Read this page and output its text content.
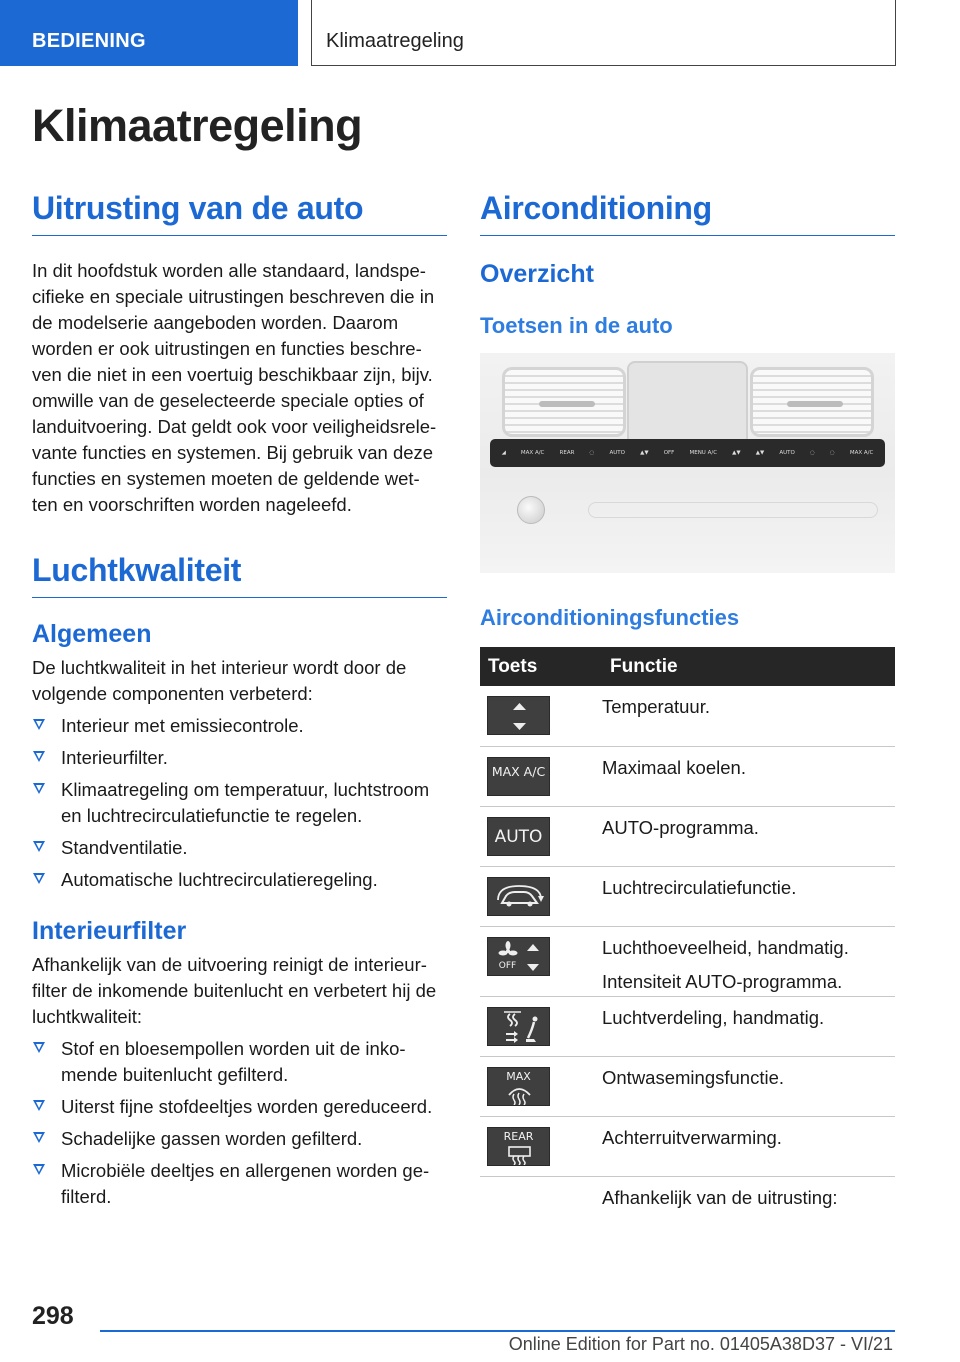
BEDIENING	Klimaatregeling
Klimaatregeling
Uitrusting van de auto

In dit hoofdstuk worden alle standaard, landspe- cifieke en speciale uitrustingen beschreven die in de modelserie aangeboden worden. Daarom worden er ook uitrustingen en functies beschre- ven die niet in een voertuig beschikbaar zijn, bijv. omwille van de geselecteerde speciale opties of landuitvoering. Dat geldt ook voor veiligheidsrele- vante functies en systemen. Bij gebruik van deze functies en systemen moeten de geldende wet- ten en voorschriften worden nageleefd.

Luchtkwaliteit
Algemeen

De luchtkwaliteit in het interieur wordt door de volgende componenten verbeterd:

Interieur met emissiecontrole.
Interieurfilter.
Klimaatregeling om temperatuur, luchtstroom en luchtrecirculatiefunctie te regelen.
Standventilatie.
Automatische luchtrecirculatieregeling.
Interieurfilter

Afhankelijk van de uitvoering reinigt de interieur- filter de inkomende buitenlucht en verbetert hij de luchtkwaliteit:

Stof en bloesempollen worden uit de inko- mende buitenlucht gefilterd.
Uiterst fijne stofdeeltjes worden gereduceerd.
Schadelijke gassen worden gefilterd.
Microbiële deeltjes en allergenen worden ge- filterd.
Airconditioning
Overzicht
Toetsen in de auto
◢	MAX A/C	REAR	◌	AUTO	▲▼	OFF	MENU A/C	▲▼	▲▼	AUTO	◌	◌	MAX A/C
Airconditioningsfuncties
Toets	Functie

	Temperatuur.

MAX A/C	Maximaal koelen.

AUTO	AUTO-programma.

	Luchtrecirculatiefunctie.

OFF	Luchthoeveelheid, handmatig.
Intensiteit AUTO-programma.

	Luchtverdeling, handmatig.

MAX	Ontwasemingsfunctie.

REAR	Achterruitverwarming.
	Afhankelijk van de uitrusting:
298
Online Edition for Part no. 01405A38D37 - VI/21
